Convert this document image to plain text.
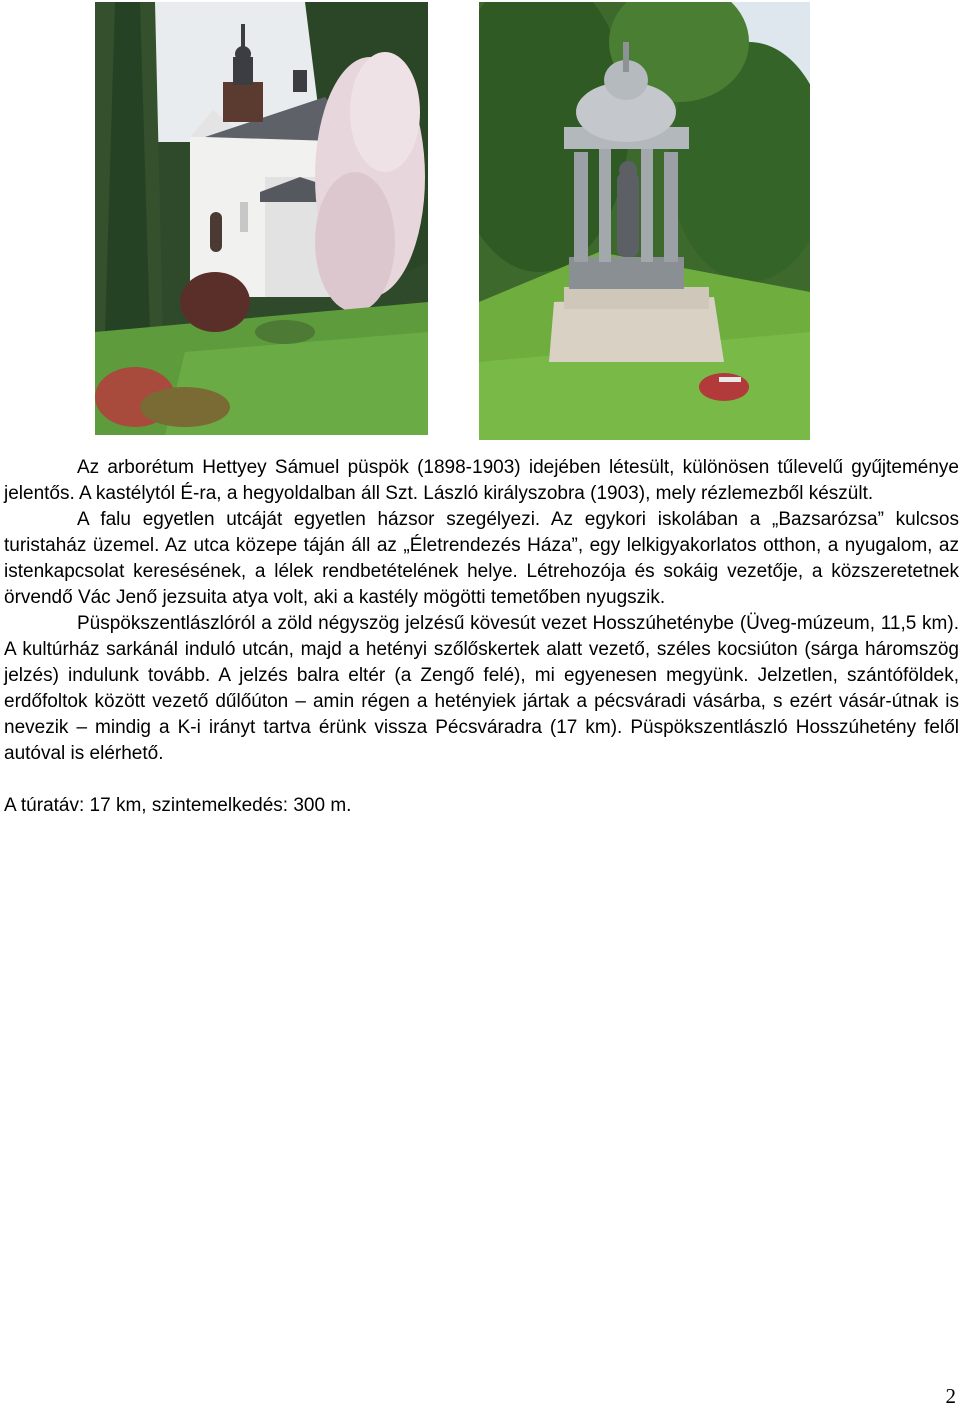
Az arborétum Hettyey Sámuel püspök (1898-1903) idejében létesült, különösen tűlevelű gyűjteménye jelentős. A kastélytól É-ra, a hegyoldalban áll Szt. László királyszobra (1903), mely rézlemezből készült.

A falu egyetlen utcáját egyetlen házsor szegélyezi. Az egykori iskolában a „Bazsarózsa” kulcsos turistaház üzemel. Az utca közepe táján áll az „Életrendezés Háza”, egy lelkigyakorlatos otthon, a nyugalom, az istenkapcsolat keresésének, a lélek rendbetételének helye. Létrehozója és sokáig vezetője, a közszeretetnek örvendő Vác Jenő jezsuita atya volt, aki a kastély mögötti temetőben nyugszik.

Püspökszentlászlóról a zöld négyszög jelzésű kövesút vezet Hosszúheténybe (Üveg-múzeum, 11,5 km). A kultúrház sarkánál induló utcán, majd a hetényi szőlőskertek alatt vezető, széles kocsiúton (sárga háromszög jelzés) indulunk tovább. A jelzés balra eltér (a Zengő felé), mi egyenesen megyünk. Jelzetlen, szántóföldek, erdőfoltok között vezető dűlőúton – amin régen a hetényiek jártak a pécsváradi vásárba, s ezért vásár-útnak is nevezik – mindig a K-i irányt tartva érünk vissza Pécsváradra (17 km). Püspökszentlászló Hosszúhetény felől autóval is elérhető.

A túratáv: 17 km, szintemelkedés: 300 m.

2
